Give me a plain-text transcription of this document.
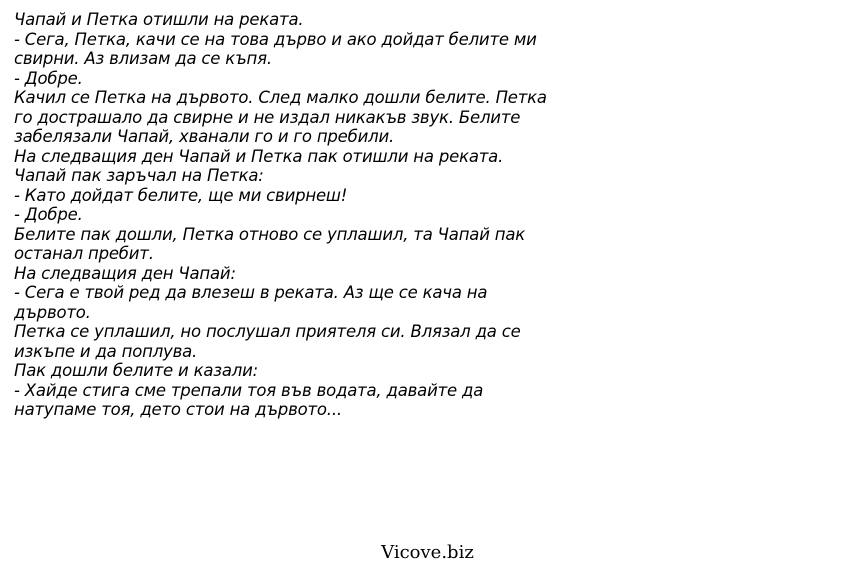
Чапай и Петка отишли на реката.
- Сега, Петка, качи се на това дърво и ако дойдат белите ми
свирни. Аз влизам да се къпя.
- Добре.
Качил се Петка на дървото. След малко дошли белите. Петка
го дострашало да свирне и не издал никакъв звук. Белите
забелязали Чапай, хванали го и го пребили.
На следващия ден Чапай и Петка пак отишли на реката.
Чапай пак заръчал на Петка:
- Като дойдат белите, ще ми свирнеш!
- Добре.
Белите пак дошли, Петка отново се уплашил, та Чапай пак
останал пребит.
На следващия ден Чапай:
- Сега е твой ред да влезеш в реката. Аз ще се кача на
дървото.
Петка се уплашил, но послушал приятеля си. Влязал да се
изкъпе и да поплува.
Пак дошли белите и казали:
- Хайде стига сме трепали тоя във водата, давайте да
натупаме тоя, дето стои на дървото...
Vicove.biz
